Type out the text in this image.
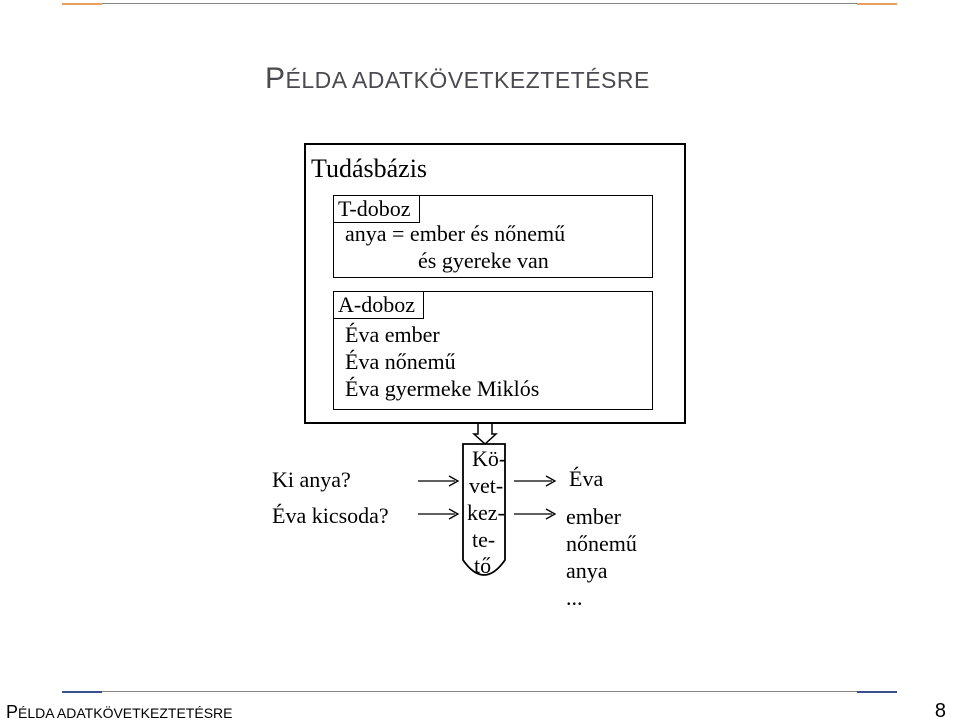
PÉLDA ADATKÖVETKEZTETÉSRE
Tudásbázis
T-doboz
anya = ember és nőnemű
és gyereke van
A-doboz
Éva ember
Éva nőnemű
Éva gyermeke Miklós
Ki anya?
Éva kicsoda?
Kö-
vet-
kez-
te-
tő
Éva
ember
nőnemű
anya
...
PÉLDA ADATKÖVETKEZTETÉSRE	8
